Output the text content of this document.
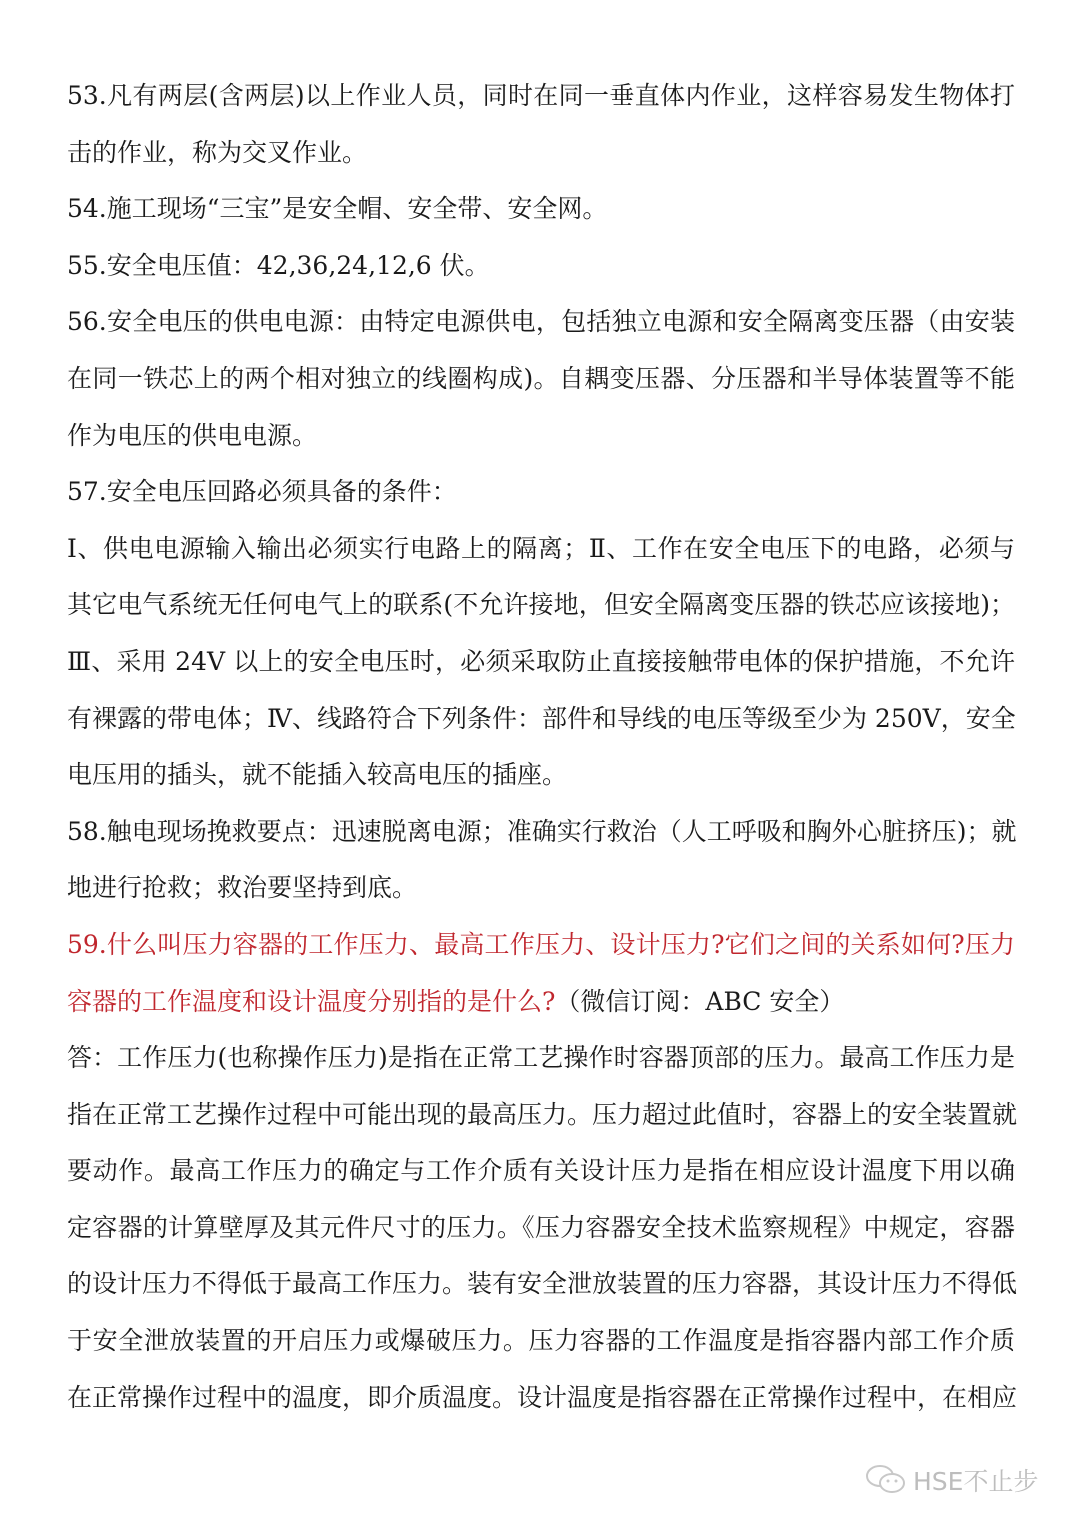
53.凡有两层(含两层)以上作业人员，同时在同一垂直体内作业，这样容易发生物体打
击的作业，称为交叉作业。
54.施工现场“三宝”是安全帽、安全带、安全网。
55.安全电压值：42,36,24,12,6 伏。
56.安全电压的供电电源：由特定电源供电，包括独立电源和安全隔离变压器（由安装
在同一铁芯上的两个相对独立的线圈构成)。自耦变压器、分压器和半导体装置等不能
作为电压的供电电源。
57.安全电压回路必须具备的条件：
Ⅰ、供电电源输入输出必须实行电路上的隔离；Ⅱ、工作在安全电压下的电路，必须与
其它电气系统无任何电气上的联系(不允许接地，但安全隔离变压器的铁芯应该接地)；
Ⅲ、采用 24V 以上的安全电压时，必须采取防止直接接触带电体的保护措施，不允许
有裸露的带电体；Ⅳ、线路符合下列条件：部件和导线的电压等级至少为 250V，安全
电压用的插头，就不能插入较高电压的插座。
58.触电现场挽救要点：迅速脱离电源；准确实行救治（人工呼吸和胸外心脏挤压)；就
地进行抢救；救治要坚持到底。
59.什么叫压力容器的工作压力、最高工作压力、设计压力?它们之间的关系如何?压力
容器的工作温度和设计温度分别指的是什么?（微信订阅：ABC 安全）
答：工作压力(也称操作压力)是指在正常工艺操作时容器顶部的压力。最高工作压力是
指在正常工艺操作过程中可能出现的最高压力。压力超过此值时，容器上的安全装置就
要动作。最高工作压力的确定与工作介质有关设计压力是指在相应设计温度下用以确
定容器的计算壁厚及其元件尺寸的压力。《压力容器安全技术监察规程》中规定，容器
的设计压力不得低于最高工作压力。装有安全泄放装置的压力容器，其设计压力不得低
于安全泄放装置的开启压力或爆破压力。压力容器的工作温度是指容器内部工作介质
在正常操作过程中的温度，即介质温度。设计温度是指容器在正常操作过程中，在相应
HSE不止步
